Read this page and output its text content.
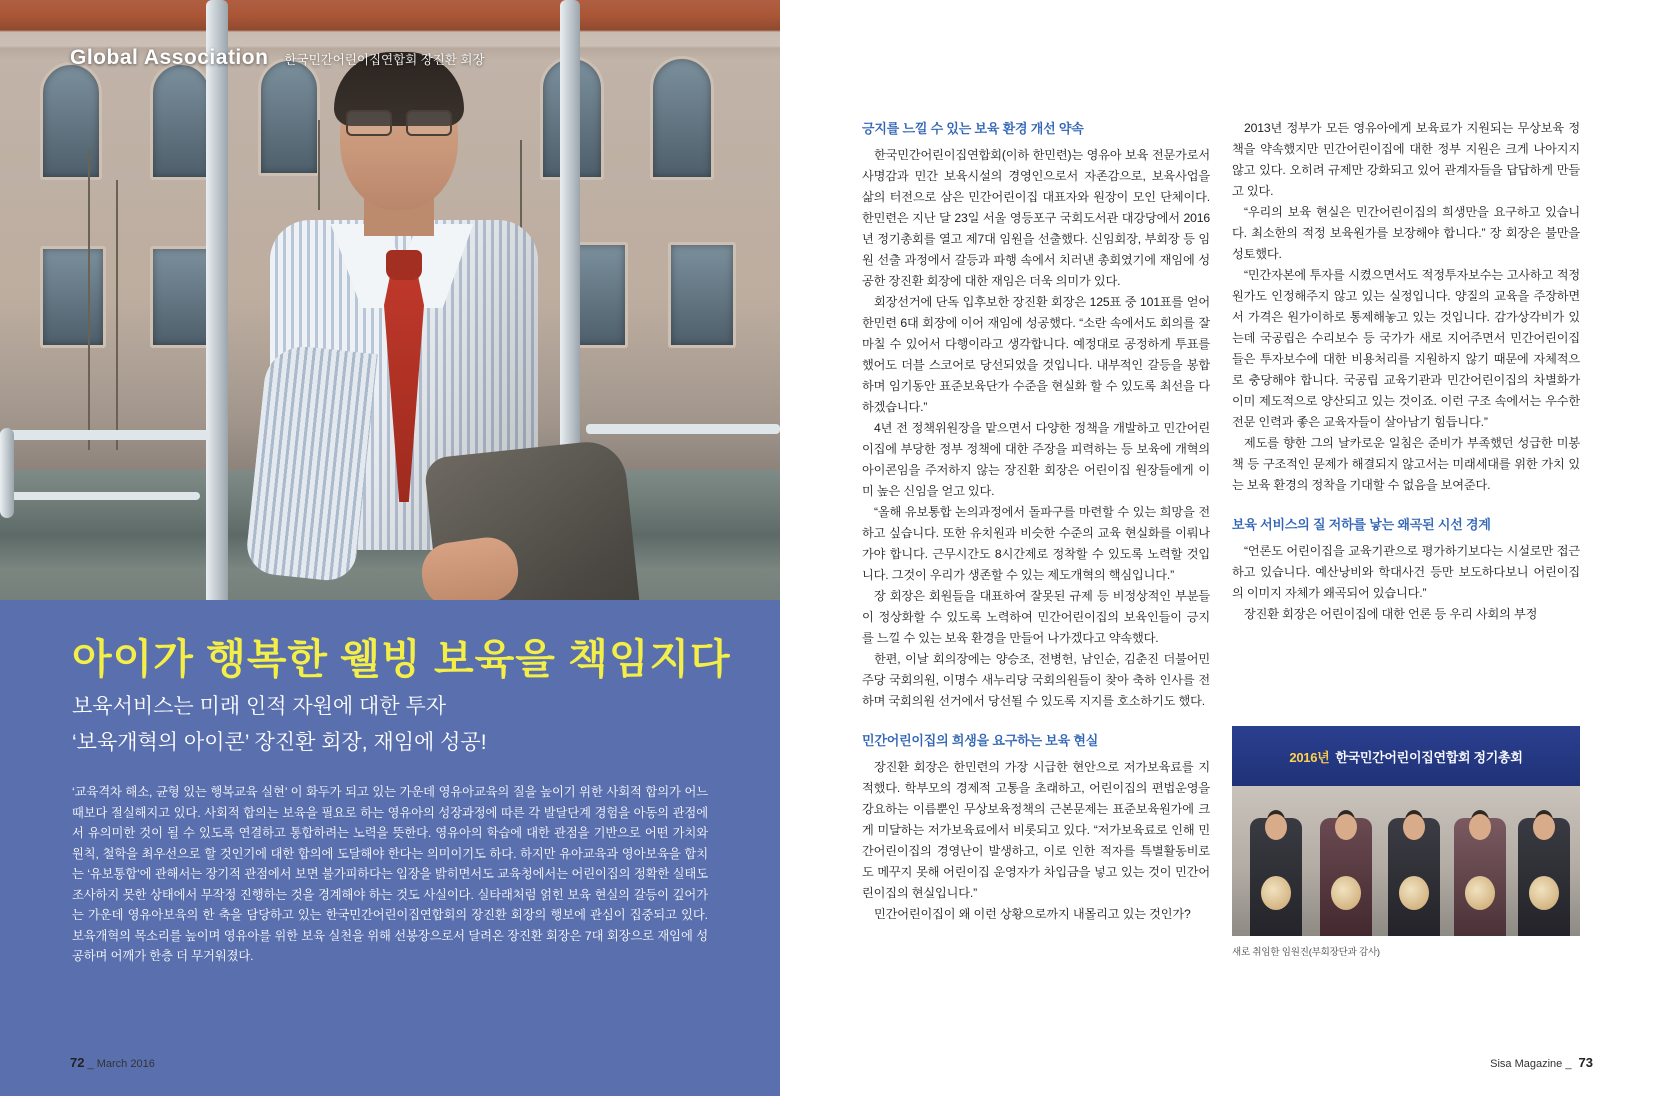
Global Association 한국민간어린이집연합회 장진환 회장
아이가 행복한 웰빙 보육을 책임지다
보육서비스는 미래 인적 자원에 대한 투자
‘보육개혁의 아이콘’ 장진환 회장, 재임에 성공!
‘교육격차 해소, 균형 있는 행복교육 실현’ 이 화두가 되고 있는 가운데 영유아교육의 질을 높이기 위한 사회적 합의가 어느 때보다 절실해지고 있다. 사회적 합의는 보육을 필요로 하는 영유아의 성장과정에 따른 각 발달단계 경험을 아동의 관점에서 유의미한 것이 될 수 있도록 연결하고 통합하려는 노력을 뜻한다. 영유아의 학습에 대한 관점을 기반으로 어떤 가치와 원칙, 철학을 최우선으로 할 것인기에 대한 합의에 도달해야 한다는 의미이기도 하다. 하지만 유아교육과 영아보육을 합치는 ‘유보통합’에 관해서는 장기적 관점에서 보면 불가피하다는 입장을 밝히면서도 교육청에서는 어린이집의 정확한 실태도 조사하지 못한 상태에서 무작정 진행하는 것을 경계해야 하는 것도 사실이다. 실타래처럼 얽힌 보육 현실의 갈등이 깊어가는 가운데 영유아보육의 한 축을 담당하고 있는 한국민간어린이집연합회의 장진환 회장의 행보에 관심이 집중되고 있다. 보육개혁의 목소리를 높이며 영유아를 위한 보육 실천을 위해 선봉장으로서 달려온 장진환 회장은 7대 회장으로 재임에 성공하며 어깨가 한층 더 무거워졌다.
72 _ March 2016
긍지를 느낄 수 있는 보육 환경 개선 약속

한국민간어린이집연합회(이하 한민련)는 영유아 보육 전문가로서 사명감과 민간 보육시설의 경영인으로서 자존감으로, 보육사업을 삶의 터전으로 삼은 민간어린이집 대표자와 원장이 모인 단체이다. 한민련은 지난 달 23일 서울 영등포구 국회도서관 대강당에서 2016년 정기총회를 열고 제7대 임원을 선출했다. 신임회장, 부회장 등 임원 선출 과정에서 갈등과 파행 속에서 치러낸 총회였기에 재임에 성공한 장진환 회장에 대한 재임은 더욱 의미가 있다.

회장선거에 단독 입후보한 장진환 회장은 125표 중 101표를 얻어 한민련 6대 회장에 이어 재임에 성공했다. “소란 속에서도 회의를 잘 마칠 수 있어서 다행이라고 생각합니다. 예정대로 공정하게 투표를 했어도 더블 스코어로 당선되었을 것입니다. 내부적인 갈등을 봉합하며 임기동안 표준보육단가 수준을 현실화 할 수 있도록 최선을 다하겠습니다.”

4년 전 정책위원장을 맡으면서 다양한 정책을 개발하고 민간어린이집에 부당한 정부 정책에 대한 주장을 피력하는 등 보육에 개혁의 아이콘임을 주저하지 않는 장진환 회장은 어린이집 원장들에게 이미 높은 신임을 얻고 있다.

“올해 유보통합 논의과정에서 돌파구를 마련할 수 있는 희망을 전하고 싶습니다. 또한 유치원과 비슷한 수준의 교육 현실화를 이뤄나가야 합니다. 근무시간도 8시간제로 정착할 수 있도록 노력할 것입니다. 그것이 우리가 생존할 수 있는 제도개혁의 핵심입니다.”

장 회장은 회원들을 대표하여 잘못된 규제 등 비정상적인 부분들이 정상화할 수 있도록 노력하여 민간어린이집의 보육인들이 긍지를 느낄 수 있는 보육 환경을 만들어 나가겠다고 약속했다.

한편, 이날 회의장에는 양승조, 전병헌, 남인순, 김춘진 더불어민주당 국회의원, 이명수 새누리당 국회의원들이 찾아 축하 인사를 전하며 국회의원 선거에서 당선될 수 있도록 지지를 호소하기도 했다.

민간어린이집의 희생을 요구하는 보육 현실

장진환 회장은 한민련의 가장 시급한 현안으로 저가보육료를 지적했다. 학부모의 경제적 고통을 초래하고, 어린이집의 편법운영을 강요하는 이름뿐인 무상보육정책의 근본문제는 표준보육원가에 크게 미달하는 저가보육료에서 비롯되고 있다. “저가보육료로 인해 민간어린이집의 경영난이 발생하고, 이로 인한 적자를 특별활동비로도 메꾸지 못해 어린이집 운영자가 차입금을 넣고 있는 것이 민간어린이집의 현실입니다.”

민간어린이집이 왜 이런 상황으로까지 내몰리고 있는 것인가?

2013년 정부가 모든 영유아에게 보육료가 지원되는 무상보육 정책을 약속했지만 민간어린이집에 대한 정부 지원은 크게 나아지지 않고 있다. 오히려 규제만 강화되고 있어 관계자들을 답답하게 만들고 있다.

“우리의 보육 현실은 민간어린이집의 희생만을 요구하고 있습니다. 최소한의 적정 보육원가를 보장해야 합니다.” 장 회장은 불만을 성토했다.

“민간자본에 투자를 시켰으면서도 적정투자보수는 고사하고 적정원가도 인정해주지 않고 있는 실정입니다. 양질의 교육을 주장하면서 가격은 원가이하로 통제해놓고 있는 것입니다. 감가상각비가 있는데 국공립은 수리보수 등 국가가 새로 지어주면서 민간어린이집들은 투자보수에 대한 비용처리를 지원하지 않기 때문에 자체적으로 충당해야 합니다. 국공립 교육기관과 민간어린이집의 차별화가 이미 제도적으로 양산되고 있는 것이죠. 이런 구조 속에서는 우수한 전문 인력과 좋은 교육자들이 살아남기 힘듭니다.”

제도를 향한 그의 날카로운 일침은 준비가 부족했던 성급한 미봉책 등 구조적인 문제가 해결되지 않고서는 미래세대를 위한 가치 있는 보육 환경의 정착을 기대할 수 없음을 보여준다.

보육 서비스의 질 저하를 낳는 왜곡된 시선 경계

“언론도 어린이집을 교육기관으로 평가하기보다는 시설로만 접근하고 있습니다. 예산낭비와 학대사건 등만 보도하다보니 어린이집의 이미지 자체가 왜곡되어 있습니다.”

장진환 회장은 어린이집에 대한 언론 등 우리 사회의 부정

2016년 한국민간어린이집연합회 정기총회
새로 취임한 임원진(부회장단과 감사)
Sisa Magazine _ 73
